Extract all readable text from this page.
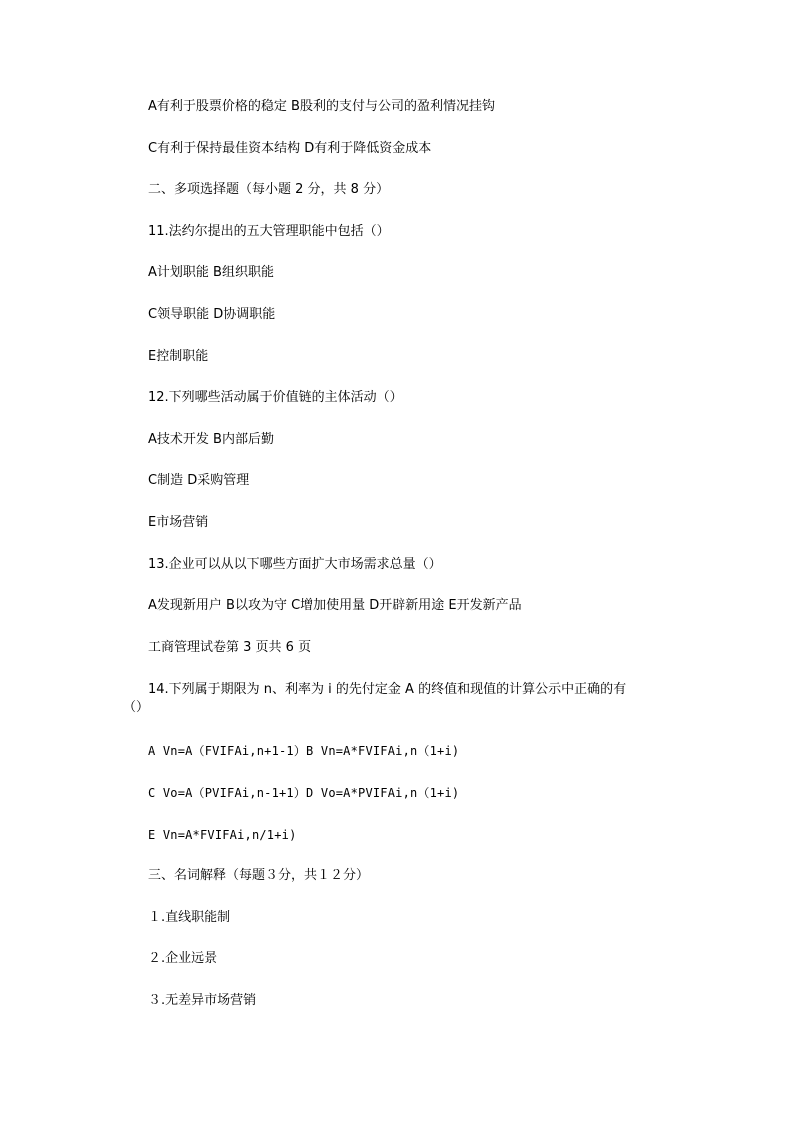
A有利于股票价格的稳定 B股利的支付与公司的盈利情况挂钩
C有利于保持最佳资本结构 D有利于降低资金成本
二、多项选择题（每小题 2 分，共 8 分）
11.法约尔提出的五大管理职能中包括（）
A计划职能 B组织职能
C领导职能 D协调职能
E控制职能
12.下列哪些活动属于价值链的主体活动（）
A技术开发 B内部后勤
C制造 D采购管理
E市场营销
13.企业可以从以下哪些方面扩大市场需求总量（）
A发现新用户 B以攻为守 C增加使用量 D开辟新用途 E开发新产品
工商管理试卷第 3 页共 6 页
14.下列属于期限为 n、利率为 i 的先付定金 A 的终值和现值的计算公示中正确的有
（）
A Vn=A（FVIFAi,n+1-1）B Vn=A*FVIFAi,n（1+i)
C Vo=A（PVIFAi,n-1+1）D Vo=A*PVIFAi,n（1+i)
E Vn=A*FVIFAi,n/1+i)
三、名词解释（每题３分，共１２分）
１.直线职能制
２.企业远景
３.无差异市场营销
